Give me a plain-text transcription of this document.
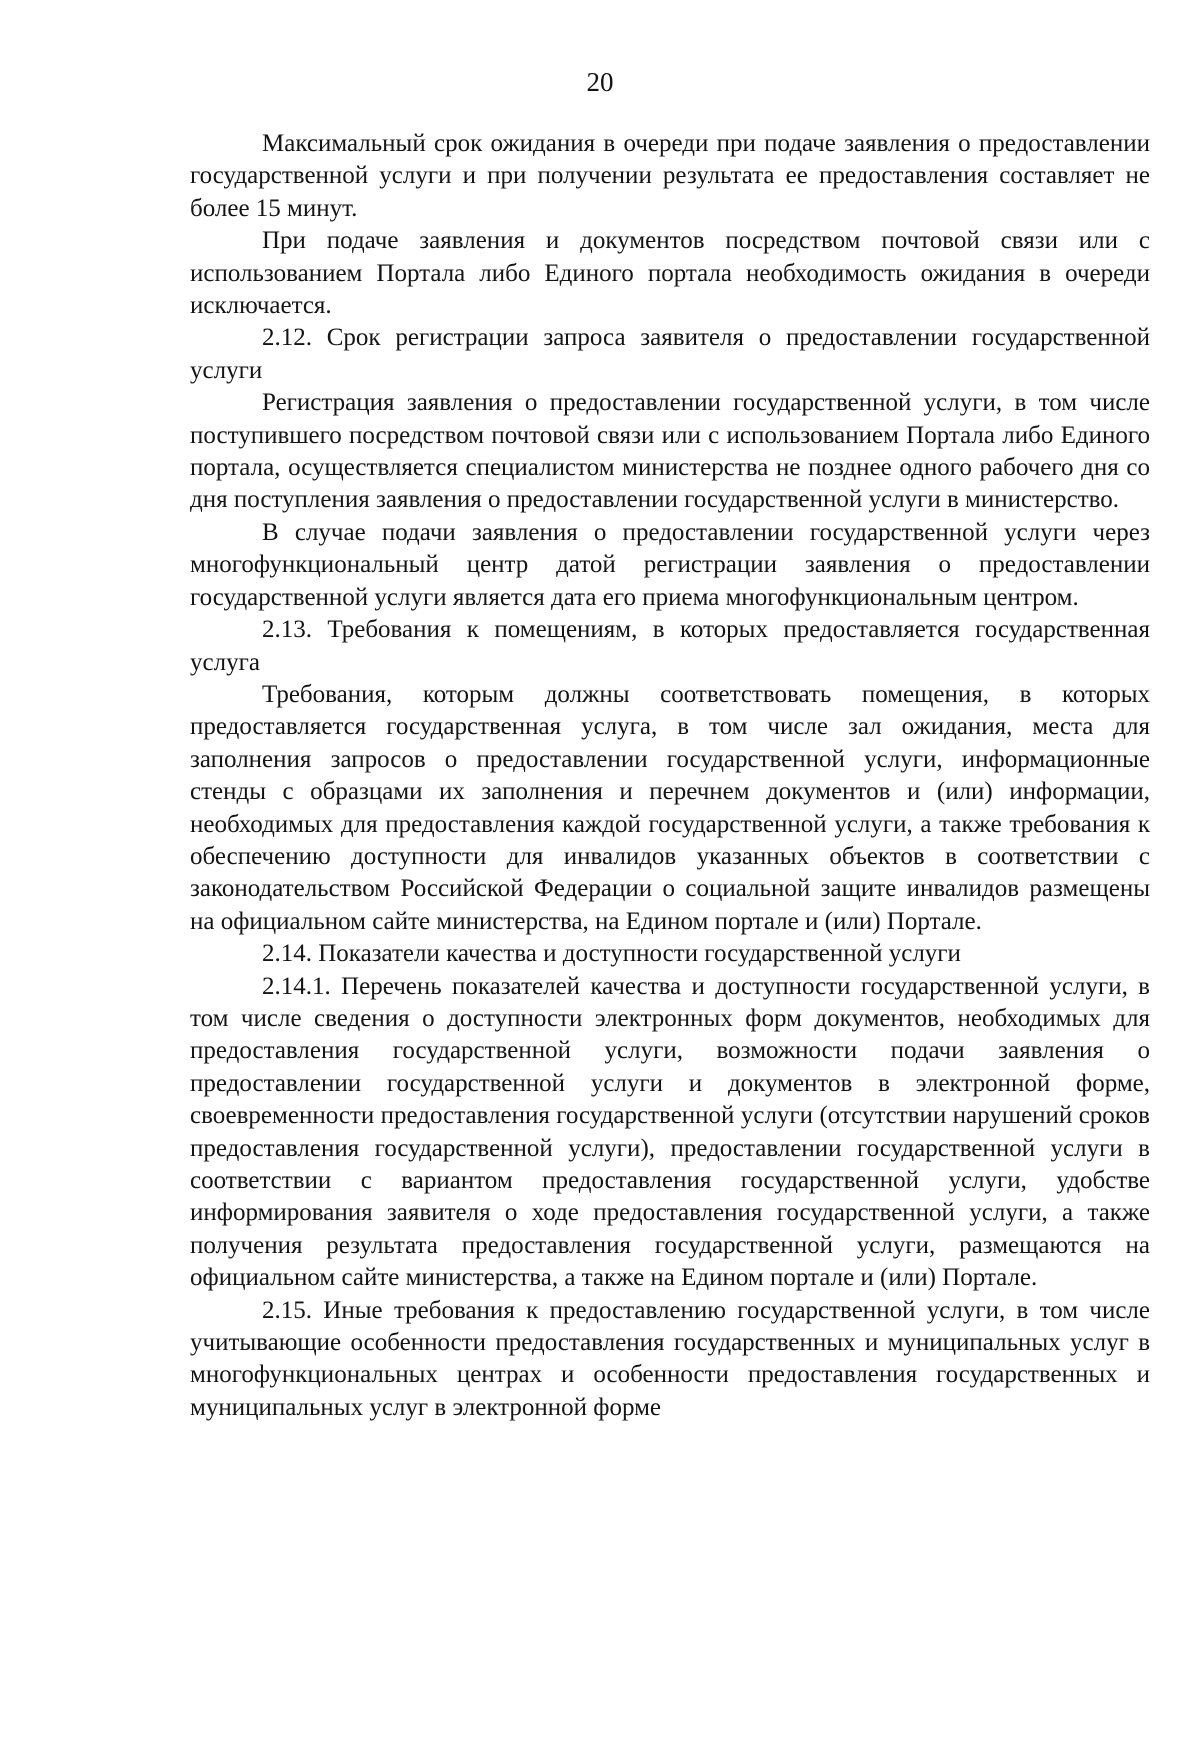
20

Максимальный срок ожидания в очереди при подаче заявления о предоставлении государственной услуги и при получении результата ее предоставления составляет не более 15 минут.

При подаче заявления и документов посредством почтовой связи или с использованием Портала либо Единого портала необходимость ожидания в очереди исключается.

2.12. Срок регистрации запроса заявителя о предоставлении государственной услуги

Регистрация заявления о предоставлении государственной услуги, в том числе поступившего посредством почтовой связи или с использованием Портала либо Единого портала, осуществляется специалистом министерства не позднее одного рабочего дня со дня поступления заявления о предоставлении государственной услуги в министерство.

В случае подачи заявления о предоставлении государственной услуги через многофункциональный центр датой регистрации заявления о предоставлении государственной услуги является дата его приема многофункциональным центром.

2.13. Требования к помещениям, в которых предоставляется государственная услуга

Требования, которым должны соответствовать помещения, в которых предоставляется государственная услуга, в том числе зал ожидания, места для заполнения запросов о предоставлении государственной услуги, информационные стенды с образцами их заполнения и перечнем документов и (или) информации, необходимых для предоставления каждой государственной услуги, а также требования к обеспечению доступности для инвалидов указанных объектов в соответствии с законодательством Российской Федерации о социальной защите инвалидов размещены на официальном сайте министерства, на Едином портале и (или) Портале.

2.14. Показатели качества и доступности государственной услуги

2.14.1. Перечень показателей качества и доступности государственной услуги, в том числе сведения о доступности электронных форм документов, необходимых для предоставления государственной услуги, возможности подачи заявления о предоставлении государственной услуги и документов в электронной форме, своевременности предоставления государственной услуги (отсутствии нарушений сроков предоставления государственной услуги), предоставлении государственной услуги в соответствии с вариантом предоставления государственной услуги, удобстве информирования заявителя о ходе предоставления государственной услуги, а также получения результата предоставления государственной услуги, размещаются на официальном сайте министерства, а также на Едином портале и (или) Портале.

2.15. Иные требования к предоставлению государственной услуги, в том числе учитывающие особенности предоставления государственных и муниципальных услуг в многофункциональных центрах и особенности предоставления государственных и муниципальных услуг в электронной форме
